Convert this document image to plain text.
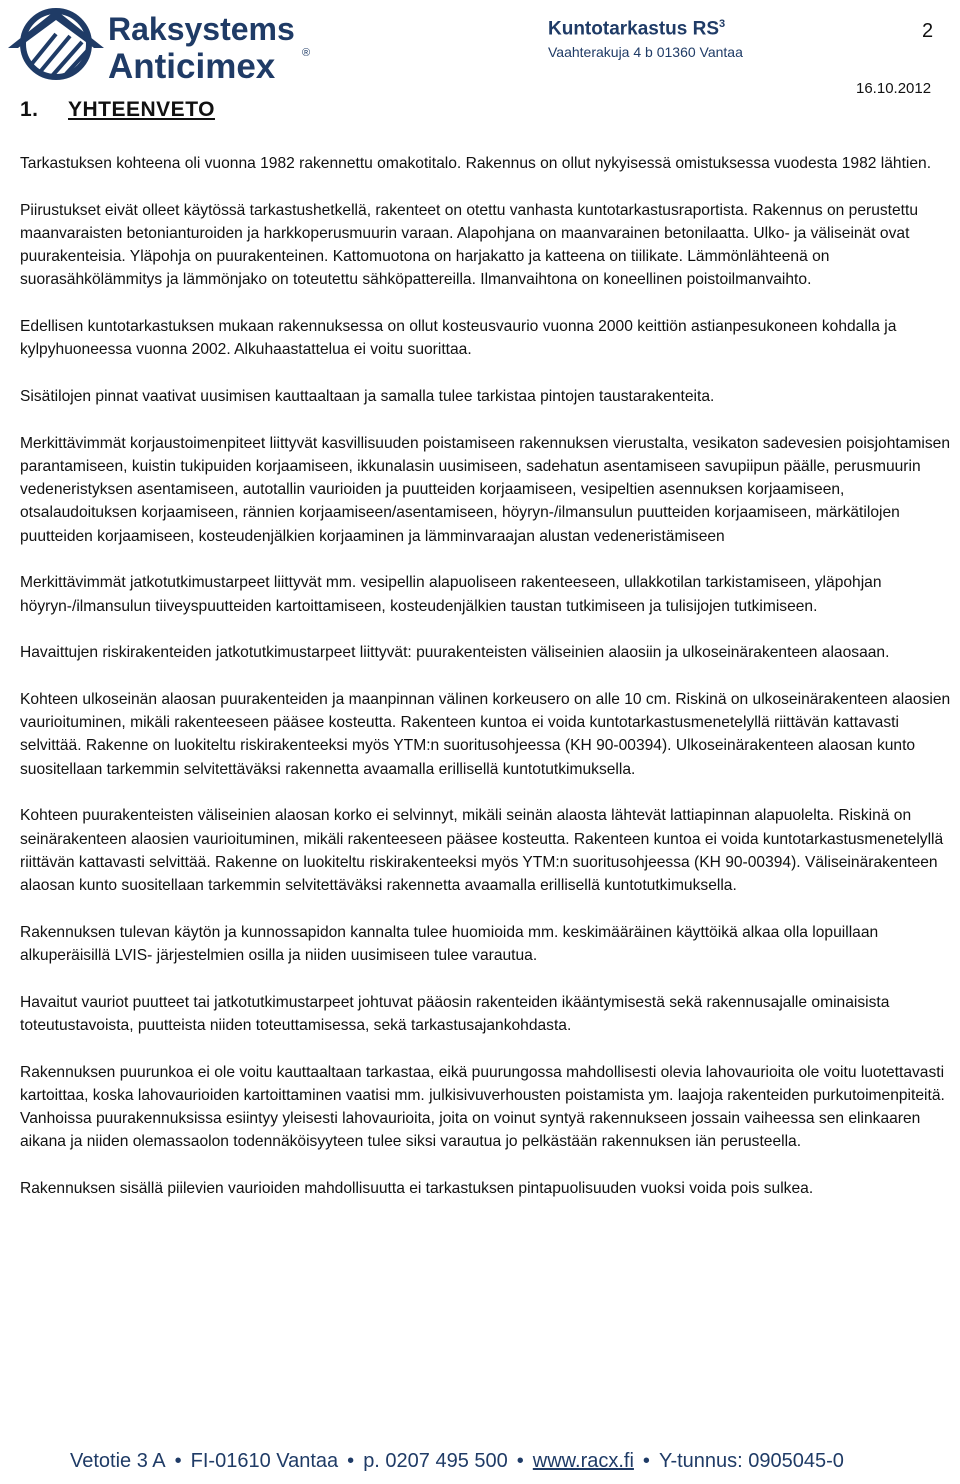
Raksystems
Anticimex ®
Kuntotarkastus $RS^3$
Vaahterakuja 4 b 01360 Vantaa
2
16.10.2012
1. YHTEENVETO

Tarkastuksen kohteena oli vuonna 1982 rakennettu omakotitalo. Rakennus on ollut nykyisessä omistuksessa vuodesta 1982 lähtien.

Piirustukset eivät olleet käytössä tarkastushetkellä, rakenteet on otettu vanhasta kuntotarkastusraportista. Rakennus on perustettu maanvaraisten betonianturoiden ja harkkoperusmuurin varaan. Alapohjana on maanvarainen betonilaatta. Ulko- ja väliseinät ovat puurakenteisia. Yläpohja on puurakenteinen. Kattomuotona on harjakatto ja katteena on tiilikate. Lämmönlähteenä on suorasähkölämmitys ja lämmönjako on toteutettu sähköpattereilla. Ilmanvaihtona on koneellinen poistoilmanvaihto.

Edellisen kuntotarkastuksen mukaan rakennuksessa on ollut kosteusvaurio vuonna 2000 keittiön astianpesukoneen kohdalla ja kylpyhuoneessa vuonna 2002. Alkuhaastattelua ei voitu suorittaa.

Sisätilojen pinnat vaativat uusimisen kauttaaltaan ja samalla tulee tarkistaa pintojen taustarakenteita.

Merkittävimmät korjaustoimenpiteet liittyvät kasvillisuuden poistamiseen rakennuksen vierustalta, vesikaton sadevesien poisjohtamisen parantamiseen, kuistin tukipuiden korjaamiseen, ikkunalasin uusimiseen, sadehatun asentamiseen savupiipun päälle, perusmuurin vedeneristyksen asentamiseen, autotallin vaurioiden ja puutteiden korjaamiseen, vesipeltien asennuksen korjaamiseen, otsalaudoituksen korjaamiseen, rännien korjaamiseen/asentamiseen, höyryn-/ilmansulun puutteiden korjaamiseen, märkätilojen puutteiden korjaamiseen, kosteudenjälkien korjaaminen ja lämminvaraajan alustan vedeneristämiseen

Merkittävimmät jatkotutkimustarpeet liittyvät mm. vesipellin alapuoliseen rakenteeseen, ullakkotilan tarkistamiseen, yläpohjan höyryn-/ilmansulun tiiveyspuutteiden kartoittamiseen, kosteudenjälkien taustan tutkimiseen ja tulisijojen tutkimiseen.

Havaittujen riskirakenteiden jatkotutkimustarpeet liittyvät: puurakenteisten väliseinien alaosiin ja ulkoseinärakenteen alaosaan.

Kohteen ulkoseinän alaosan puurakenteiden ja maanpinnan välinen korkeusero on alle 10 cm. Riskinä on ulkoseinärakenteen alaosien vaurioituminen, mikäli rakenteeseen pääsee kosteutta. Rakenteen kuntoa ei voida kuntotarkastusmenetelyllä riittävän kattavasti selvittää. Rakenne on luokiteltu riskirakenteeksi myös YTM:n suoritusohjeessa (KH 90-00394). Ulkoseinärakenteen alaosan kunto suositellaan tarkemmin selvitettäväksi rakennetta avaamalla erillisellä kuntotutkimuksella.

Kohteen puurakenteisten väliseinien alaosan korko ei selvinnyt, mikäli seinän alaosta lähtevät lattiapinnan alapuolelta. Riskinä on seinärakenteen alaosien vaurioituminen, mikäli rakenteeseen pääsee kosteutta. Rakenteen kuntoa ei voida kuntotarkastusmenetelyllä riittävän kattavasti selvittää. Rakenne on luokiteltu riskirakenteeksi myös YTM:n suoritusohjeessa (KH 90-00394). Väliseinärakenteen alaosan kunto suositellaan tarkemmin selvitettäväksi rakennetta avaamalla erillisellä kuntotutkimuksella.

Rakennuksen tulevan käytön ja kunnossapidon kannalta tulee huomioida mm. keskimääräinen käyttöikä alkaa olla lopuillaan alkuperäisillä LVIS- järjestelmien osilla ja niiden uusimiseen tulee varautua.

Havaitut vauriot puutteet tai jatkotutkimustarpeet johtuvat pääosin rakenteiden ikääntymisestä sekä rakennusajalle ominaisista toteutustavoista, puutteista niiden toteuttamisessa, sekä tarkastusajankohdasta.

Rakennuksen puurunkoa ei ole voitu kauttaaltaan tarkastaa, eikä puurungossa mahdollisesti olevia lahovaurioita ole voitu luotettavasti kartoittaa, koska lahovaurioiden kartoittaminen vaatisi mm. julkisivuverhousten poistamista ym. laajoja rakenteiden purkutoimenpiteitä. Vanhoissa puurakennuksissa esiintyy yleisesti lahovaurioita, joita on voinut syntyä rakennukseen jossain vaiheessa sen elinkaaren aikana ja niiden olemassaolon todennäköisyyteen tulee siksi varautua jo pelkästään rakennuksen iän perusteella.

Rakennuksen sisällä piilevien vaurioiden mahdollisuutta ei tarkastuksen pintapuolisuuden vuoksi voida pois sulkea.

Vetotie 3 A • FI-01610 Vantaa • p. 0207 495 500 • www.racx.fi • Y-tunnus: 0905045-0
